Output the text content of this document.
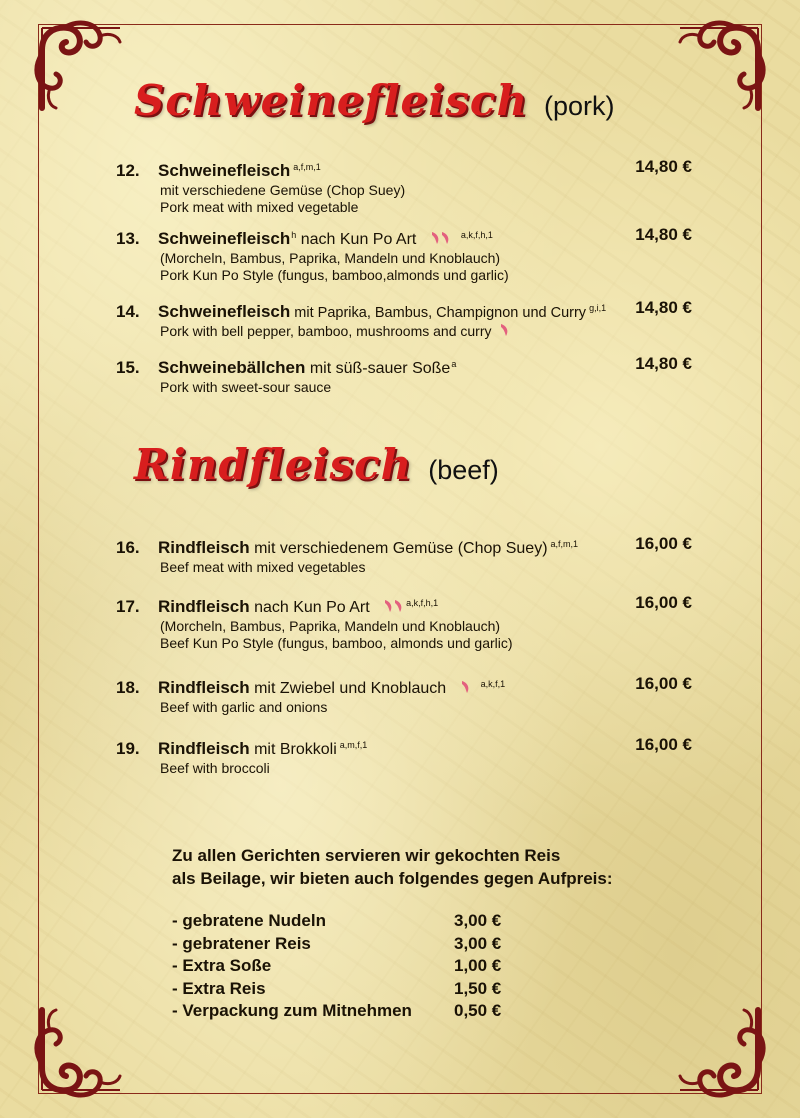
Schweinefleisch (pork)
Rindfleisch (beef)
12. Schweinefleisch $^{a,f,m,1}$	14,80 €
mit verschiedene Gemüse (Chop Suey)
Pork meat with mixed vegetable
13. Schweinefleisch$^h$ nach Kun Po Art	$^{a,k,f,h,1}$	14,80 €
(Morcheln, Bambus, Paprika, Mandeln und Knoblauch)
Pork Kun Po Style (fungus, bamboo,almonds und garlic)
14. Schweinefleisch mit Paprika, Bambus, Champignon und Curry $^{g,i,1}$ 14,80 €
Pork with bell pepper, bamboo, mushrooms and curry
15. Schweinebällchen mit süß-sauer Soße$^a$	14,80 €
Pork with sweet-sour sauce
16. Rindfleisch mit verschiedenem Gemüse (Chop Suey) $^{a,f,m,1}$	16,00 €
Beef meat with mixed vegetables
17. Rindfleisch nach Kun Po Art	$^{a,k,f,h,1}$	16,00 €
(Morcheln, Bambus, Paprika, Mandeln und Knoblauch)
Beef Kun Po Style (fungus, bamboo, almonds und garlic)
18. Rindfleisch mit Zwiebel und Knoblauch	$^{a,k,f,1}$	16,00 €
Beef with garlic and onions
19. Rindfleisch mit Brokkoli $^{a,m,f,1}$	16,00 €
Beef with broccoli
Zu allen Gerichten servieren wir gekochten Reis
als Beilage, wir bieten auch folgendes gegen Aufpreis:
- gebratene Nudeln	3,00 €
- gebratener Reis	3,00 €
- Extra Soße	1,00 €
- Extra Reis	1,50 €
- Verpackung zum Mitnehmen 0,50 €
